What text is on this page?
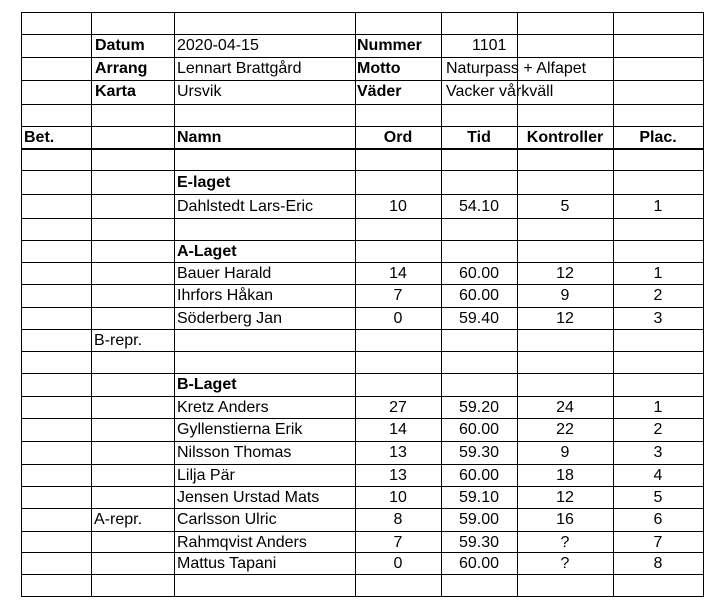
Datum 2020-04-15	Nummer	1101
Arrang Lennart Brattgård	Motto	Naturpass + Alfapet
Karta	Ursvik	Väder	Vacker vårkväll
Bet.	Namn	Ord	Tid	Kontroller	Plac.
E-laget
Dahlstedt Lars-Eric	10	54.10	5	1
A-Laget
Bauer Harald	14	60.00	12	1
Ihrfors Håkan	7	60.00	9	2
Söderberg Jan	0	59.40	12	3
B-repr.
B-Laget
Kretz Anders	27	59.20	24	1
Gyllenstierna Erik	14	60.00	22	2
Nilsson Thomas	13	59.30	9	3
Lilja Pär	13	60.00	18	4
Jensen Urstad Mats	10	59.10	12	5
A-repr.	Carlsson Ulric	8	59.00	16	6
Rahmqvist Anders	7	59.30	?	7
Mattus Tapani	0	60.00	?	8
